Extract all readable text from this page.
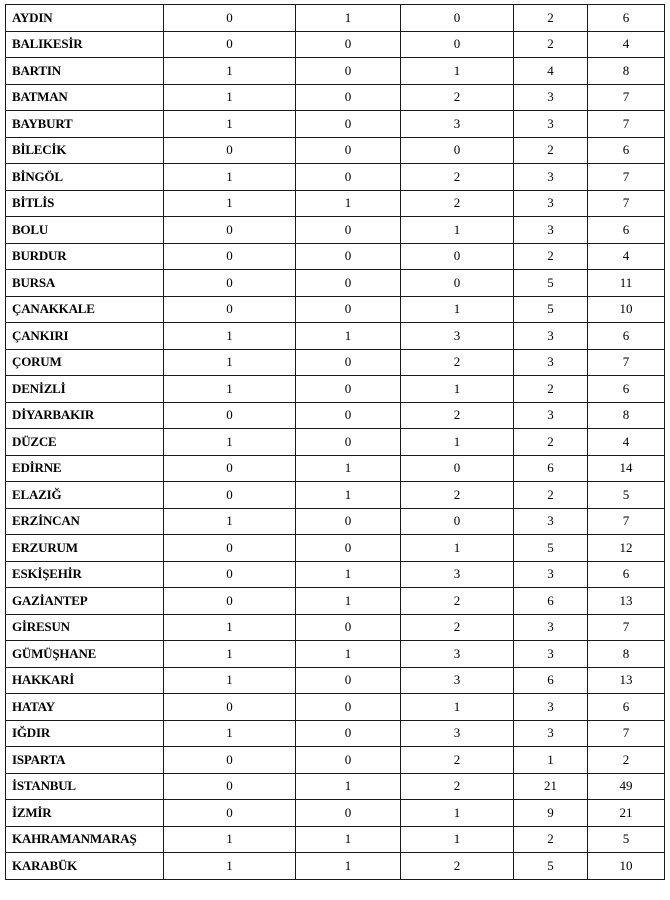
AYDIN	0	1	0	2	6
BALIKESİR	0	0	0	2	4
BARTIN	1	0	1	4	8
BATMAN	1	0	2	3	7
BAYBURT	1	0	3	3	7
BİLECİK	0	0	0	2	6
BİNGÖL	1	0	2	3	7
BİTLİS	1	1	2	3	7
BOLU	0	0	1	3	6
BURDUR	0	0	0	2	4
BURSA	0	0	0	5	11
ÇANAKKALE	0	0	1	5	10
ÇANKIRI	1	1	3	3	6
ÇORUM	1	0	2	3	7
DENİZLİ	1	0	1	2	6
DİYARBAKIR	0	0	2	3	8
DÜZCE	1	0	1	2	4
EDİRNE	0	1	0	6	14
ELAZIĞ	0	1	2	2	5
ERZİNCAN	1	0	0	3	7
ERZURUM	0	0	1	5	12
ESKİŞEHİR	0	1	3	3	6
GAZİANTEP	0	1	2	6	13
GİRESUN	1	0	2	3	7
GÜMÜŞHANE	1	1	3	3	8
HAKKARİ	1	0	3	6	13
HATAY	0	0	1	3	6
IĞDIR	1	0	3	3	7
ISPARTA	0	0	2	1	2
İSTANBUL	0	1	2	21	49
İZMİR	0	0	1	9	21
KAHRAMANMARAŞ	1	1	1	2	5
KARABÜK	1	1	2	5	10
